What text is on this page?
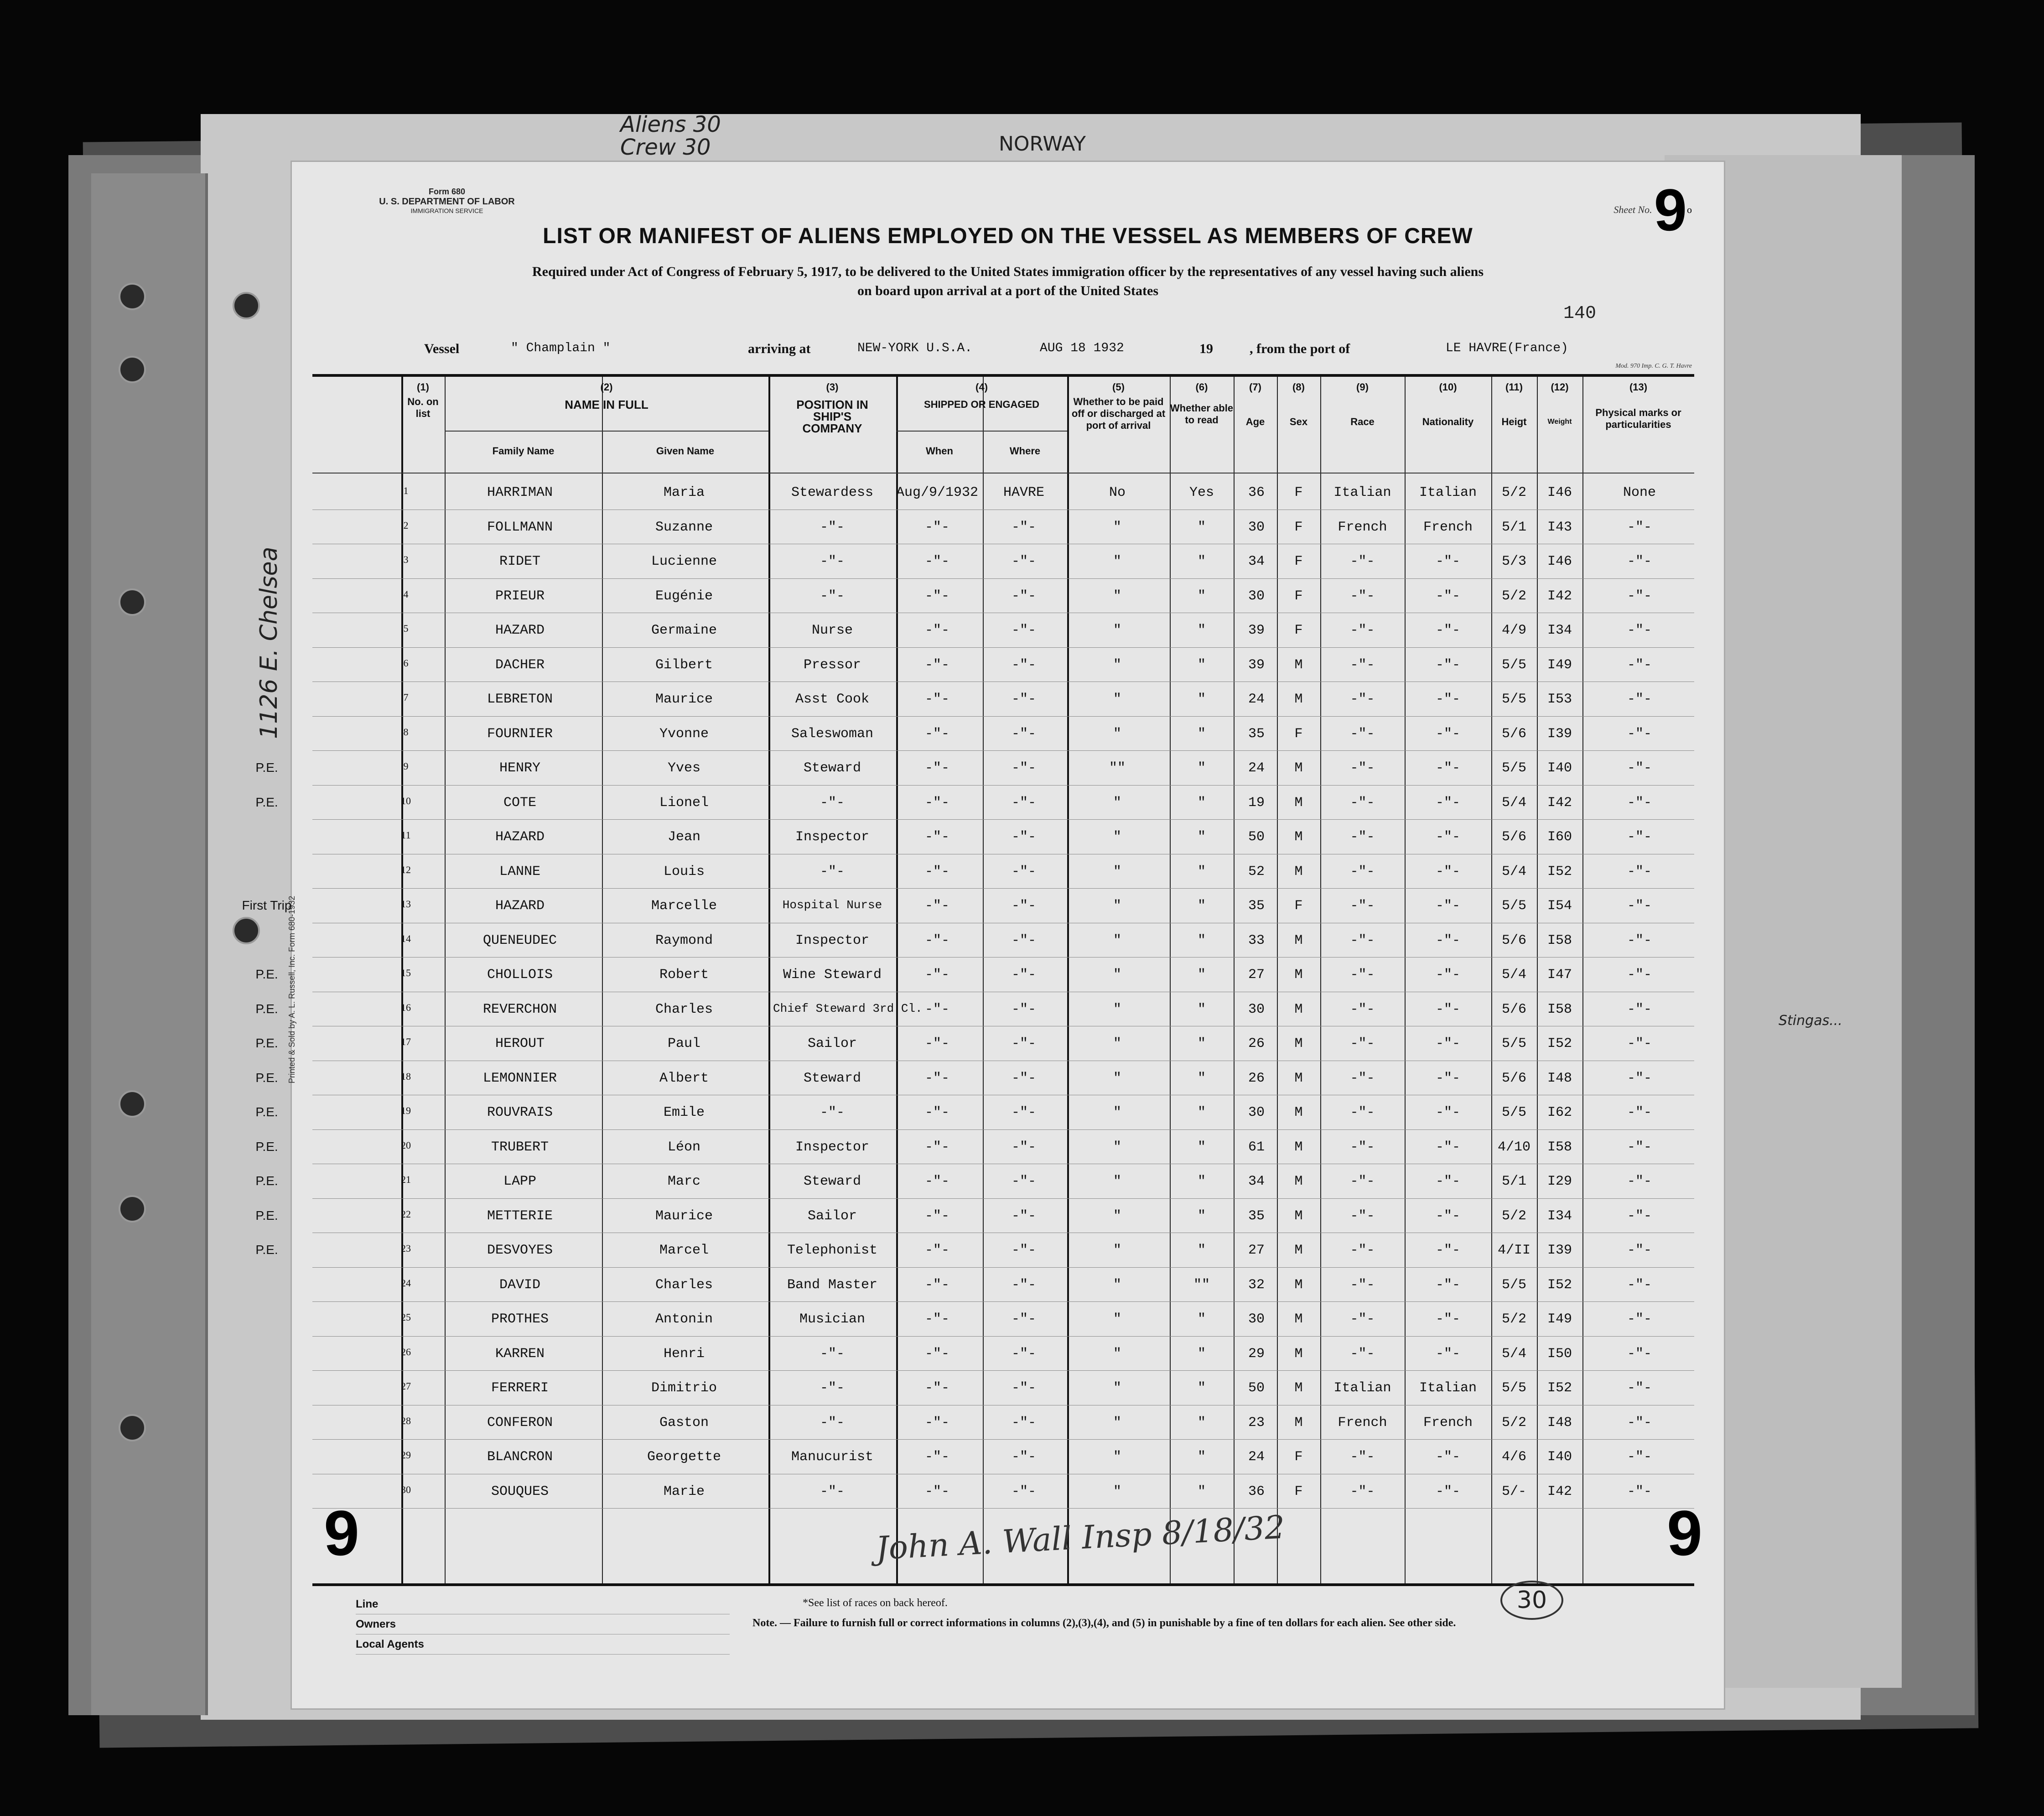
Aliens 30
Crew 30	NORWAY
1126 E. Chelsea
Stingas...
Form 680
U. S. DEPARTMENT OF LABOR
IMMIGRATION SERVICE	Sheet No. 9o
LIST OR MANIFEST OF ALIENS EMPLOYED ON THE VESSEL AS MEMBERS OF CREW
Required under Act of Congress of February 5, 1917, to be delivered to the United States immigration officer by the representatives of any vessel having such aliens
on board upon arrival at a port of the United States
140
Vessel	" Champlain "	arriving at	NEW-YORK U.S.A.	AUG 18 1932	19	, from the port of	LE HAVRE(France)
Mod. 970 Imp. C. G. T. Havre
Printed & Sold by A. L. Russell, Inc. Form 680-1932
(1)
No. on list
(2)
NAME IN FULL
Family Name	Given Name
(3)
POSITION IN SHIP'S COMPANY
(4)
SHIPPED OR ENGAGED
When	Where
(5)
Whether to be paid off or discharged at port of arrival
(6)
Whether able to read
(7)
Age
(8)
Sex
(9)
Race
(10)
Nationality
(11)
Heigt
(12)
Weight
(13)
Physical marks or particularities
1	HARRIMAN	Maria	Stewardess	Aug/9/1932	HAVRE	No	Yes	36	F	Italian	Italian	5/2	I46	None
2	FOLLMANN	Suzanne	-"-	-"-	-"-	"	"	30	F	French	French	5/1	I43	-"-
3	RIDET	Lucienne	-"-	-"-	-"-	"	"	34	F	-"-	-"-	5/3	I46	-"-
4	PRIEUR	Eugénie	-"-	-"-	-"-	"	"	30	F	-"-	-"-	5/2	I42	-"-
5	HAZARD	Germaine	Nurse	-"-	-"-	"	"	39	F	-"-	-"-	4/9	I34	-"-
6	DACHER	Gilbert	Pressor	-"-	-"-	"	"	39	M	-"-	-"-	5/5	I49	-"-
7	LEBRETON	Maurice	Asst Cook	-"-	-"-	"	"	24	M	-"-	-"-	5/5	I53	-"-
8	FOURNIER	Yvonne	Saleswoman	-"-	-"-	"	"	35	F	-"-	-"-	5/6	I39	-"-
P.E.	9	HENRY	Yves	Steward	-"-	-"-	""	"	24	M	-"-	-"-	5/5	I40	-"-
P.E.	10	COTE	Lionel	-"-	-"-	-"-	"	"	19	M	-"-	-"-	5/4	I42	-"-
11	HAZARD	Jean	Inspector	-"-	-"-	"	"	50	M	-"-	-"-	5/6	I60	-"-
12	LANNE	Louis	-"-	-"-	-"-	"	"	52	M	-"-	-"-	5/4	I52	-"-
First Trip	13	HAZARD	Marcelle	Hospital Nurse	-"-	-"-	"	"	35	F	-"-	-"-	5/5	I54	-"-
14	QUENEUDEC	Raymond	Inspector	-"-	-"-	"	"	33	M	-"-	-"-	5/6	I58	-"-
P.E.	15	CHOLLOIS	Robert	Wine Steward	-"-	-"-	"	"	27	M	-"-	-"-	5/4	I47	-"-
P.E.	16	REVERCHON	Charles	Chief Steward 3rd Cl. -"-	-"-	"	"	30	M	-"-	-"-	5/6	I58	-"-
P.E.	17	HEROUT	Paul	Sailor	-"-	-"-	"	"	26	M	-"-	-"-	5/5	I52	-"-
P.E.	18	LEMONNIER	Albert	Steward	-"-	-"-	"	"	26	M	-"-	-"-	5/6	I48	-"-
P.E.	19	ROUVRAIS	Emile	-"-	-"-	-"-	"	"	30	M	-"-	-"-	5/5	I62	-"-
P.E.	20	TRUBERT	Léon	Inspector	-"-	-"-	"	"	61	M	-"-	-"-	4/10	I58	-"-
P.E.	21	LAPP	Marc	Steward	-"-	-"-	"	"	34	M	-"-	-"-	5/1	I29	-"-
P.E.	22	METTERIE	Maurice	Sailor	-"-	-"-	"	"	35	M	-"-	-"-	5/2	I34	-"-
P.E.	23	DESVOYES	Marcel	Telephonist	-"-	-"-	"	"	27	M	-"-	-"-	4/II	I39	-"-
24	DAVID	Charles	Band Master	-"-	-"-	"	""	32	M	-"-	-"-	5/5	I52	-"-
25	PROTHES	Antonin	Musician	-"-	-"-	"	"	30	M	-"-	-"-	5/2	I49	-"-
26	KARREN	Henri	-"-	-"-	-"-	"	"	29	M	-"-	-"-	5/4	I50	-"-
27	FERRERI	Dimitrio	-"-	-"-	-"-	"	"	50	M	Italian	Italian	5/5	I52	-"-
28	CONFERON	Gaston	-"-	-"-	-"-	"	"	23	M	French	French	5/2	I48	-"-
29	BLANCRON	Georgette	Manucurist	-"-	-"-	"	"	24	F	-"-	-"-	4/6	I40	-"-
30	SOUQUES	Marie	-"-	-"-	-"-	"	"	36	F	-"-	-"-	5/-	I42	-"-
9	9
John A. Wall Insp 8/18/32
30
Line
Owners
Local Agents
*See list of races on back hereof.
Note. — Failure to furnish full or correct informations in columns (2),(3),(4), and (5) in punishable by a fine of ten dollars for each alien. See other side.
